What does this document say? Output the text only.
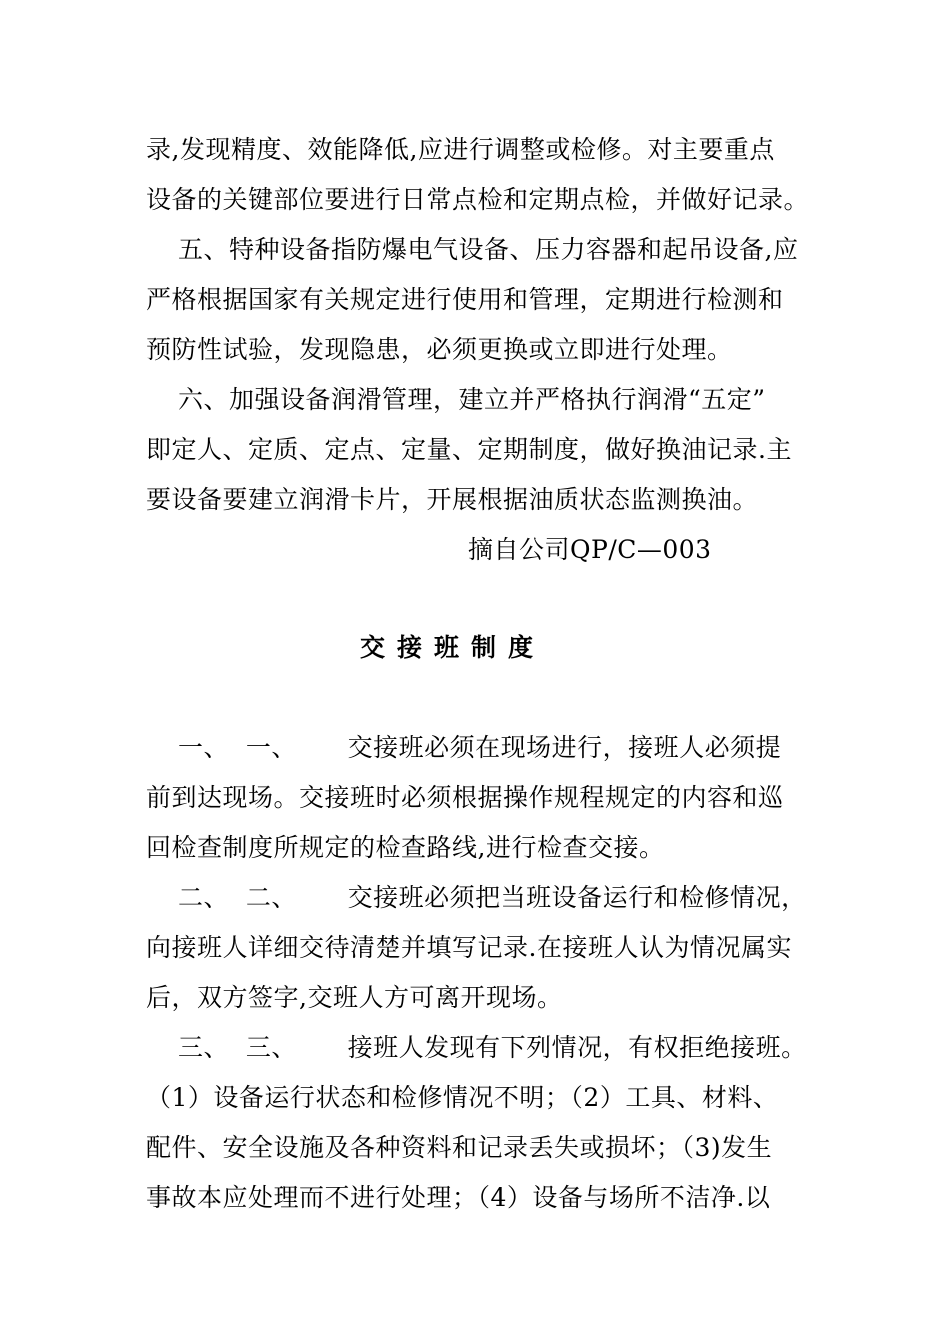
录,发现精度、效能降低,应进行调整或检修。对主要重点
设备的关键部位要进行日常点检和定期点检，并做好记录。
五、特种设备指防爆电气设备、压力容器和起吊设备,应
严格根据国家有关规定进行使用和管理，定期进行检测和
预防性试验，发现隐患，必须更换或立即进行处理。
六、加强设备润滑管理，建立并严格执行润滑“五定”
即定人、定质、定点、定量、定期制度，做好换油记录.主
要设备要建立润滑卡片，开展根据油质状态监测换油。
摘自公司QP/C—003
交接班制度
一、  一、      交接班必须在现场进行，接班人必须提
前到达现场。交接班时必须根据操作规程规定的内容和巡
回检查制度所规定的检查路线,进行检查交接。
二、  二、      交接班必须把当班设备运行和检修情况，
向接班人详细交待清楚并填写记录.在接班人认为情况属实
后，双方签字,交班人方可离开现场。
三、  三、      接班人发现有下列情况，有权拒绝接班。
（1）设备运行状态和检修情况不明；（2）工具、材料、
配件、安全设施及各种资料和记录丢失或损坏；（3)发生
事故本应处理而不进行处理；（4）设备与场所不洁净.以
